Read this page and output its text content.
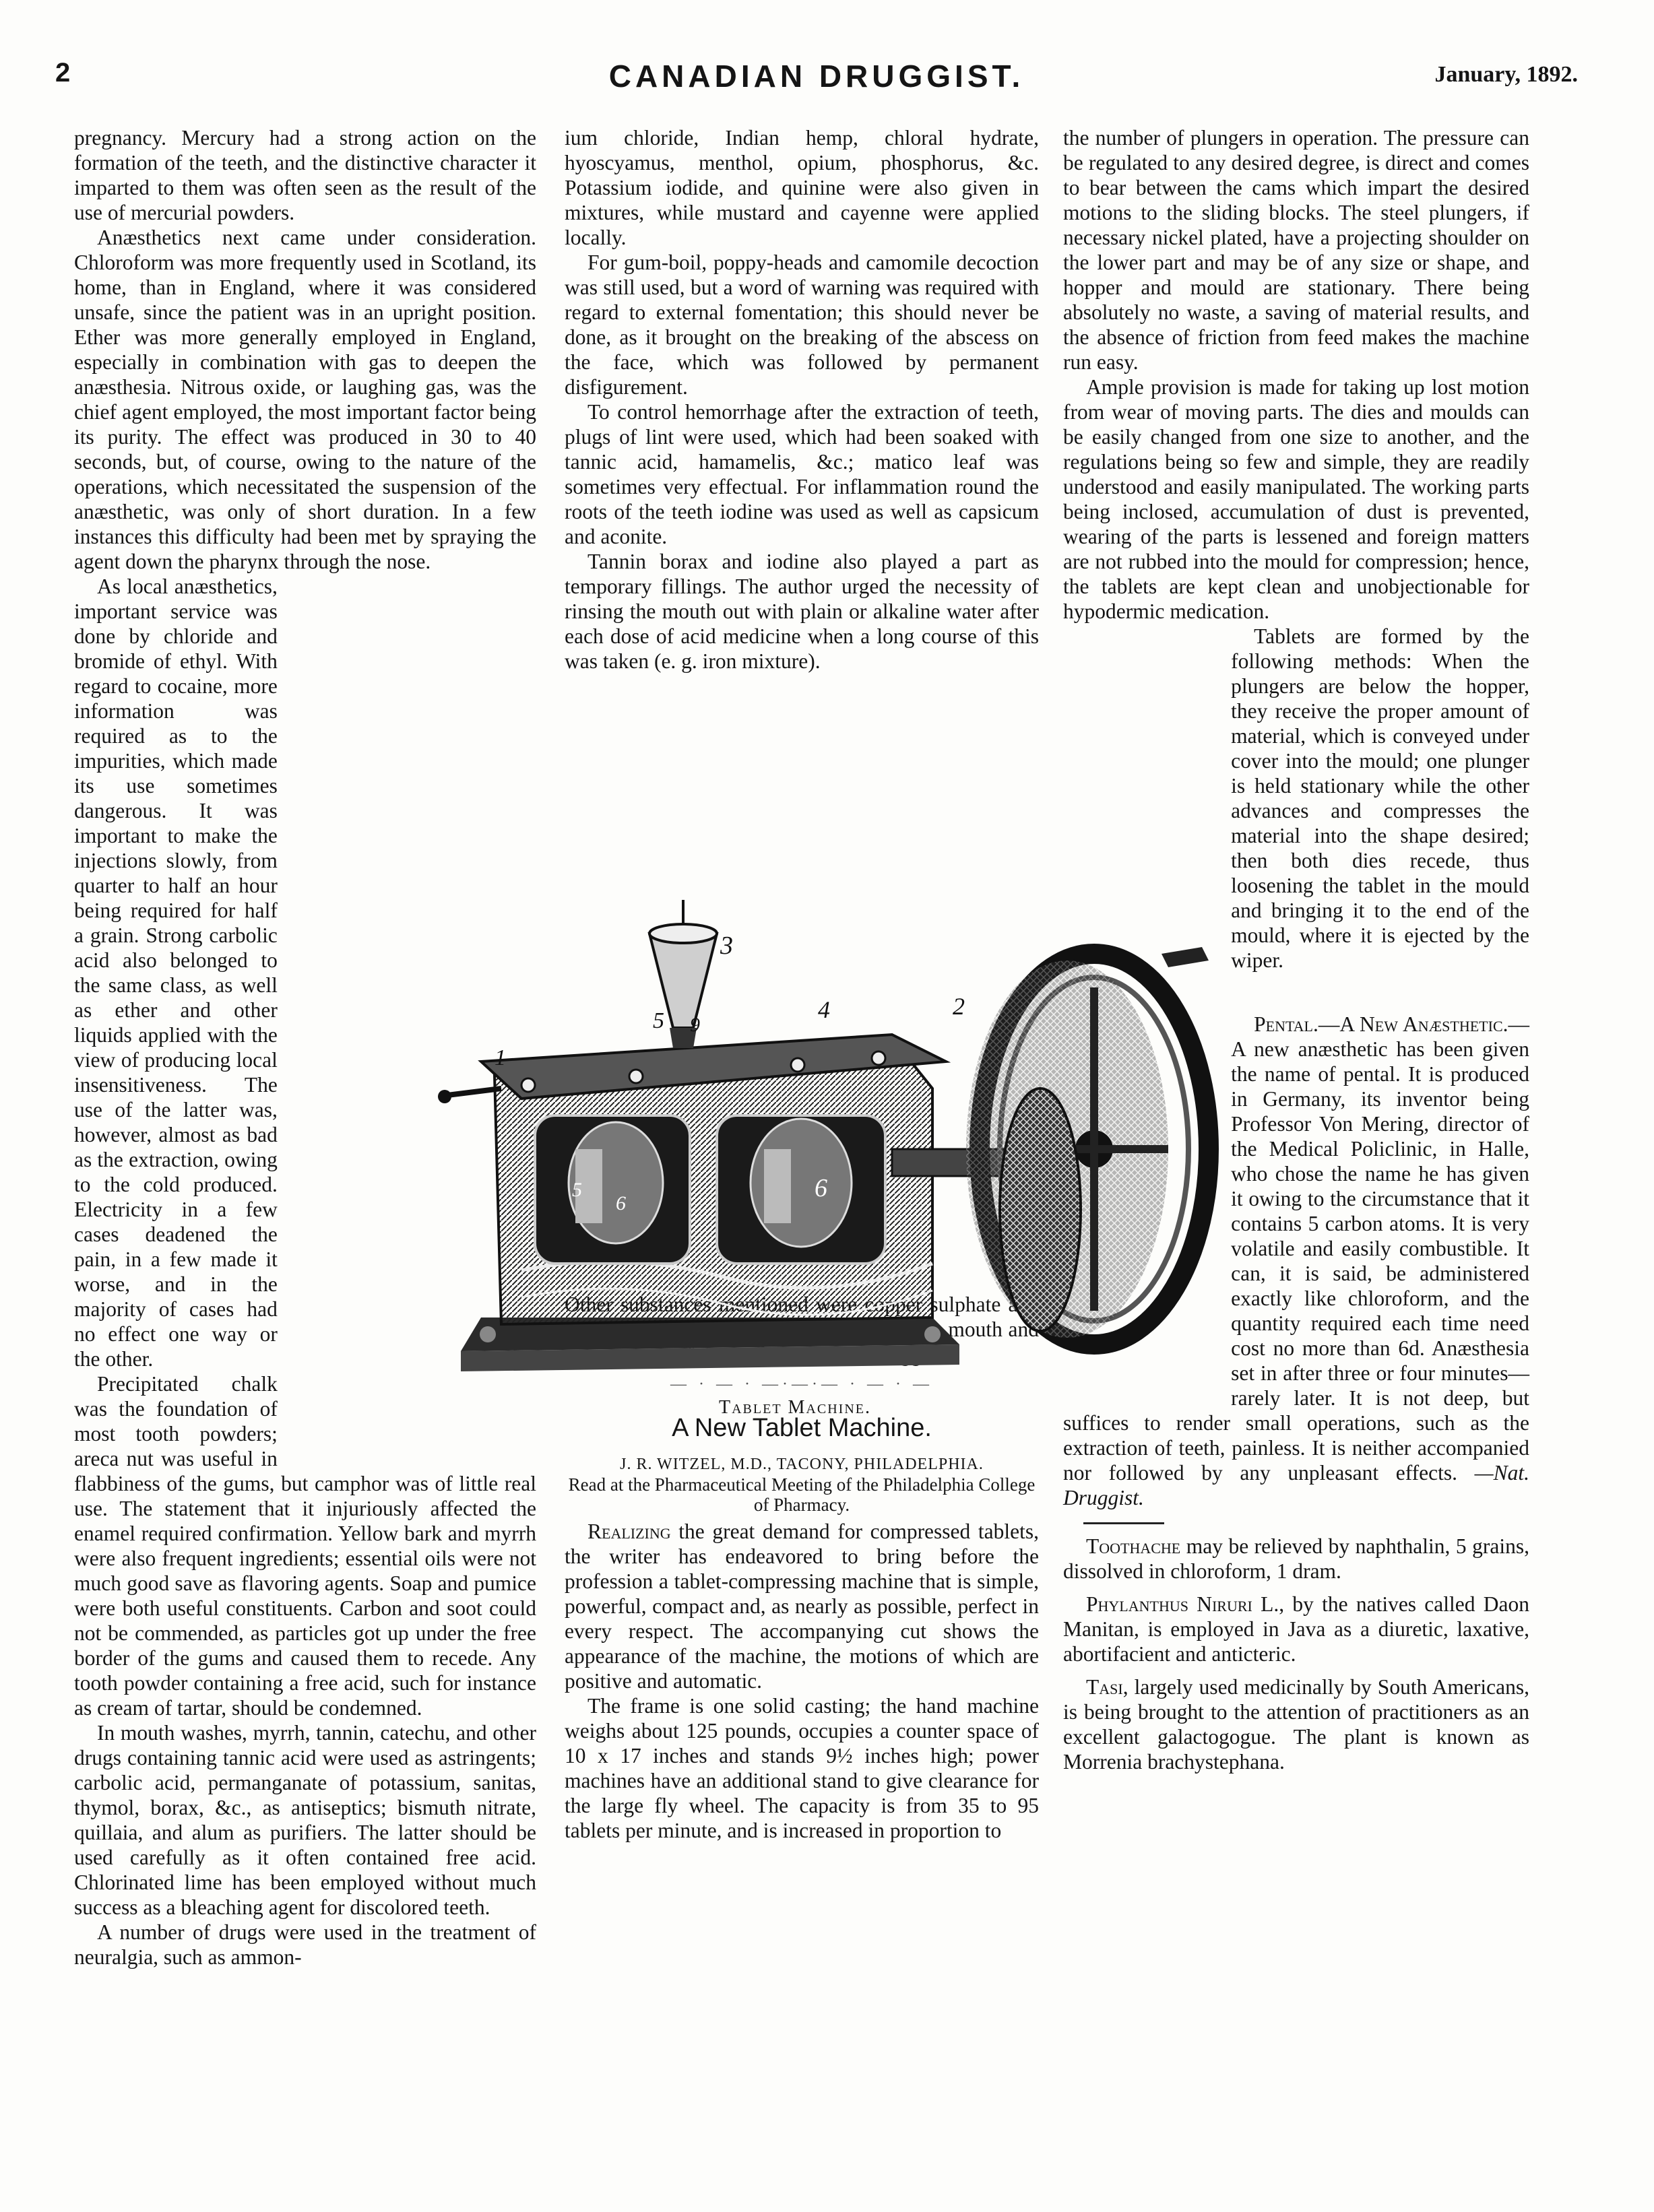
2	CANADIAN DRUGGIST.	January, 1892.

pregnancy. Mercury had a strong action on the formation of the teeth, and the distinctive character it imparted to them was often seen as the result of the use of mercurial powders.

Anæsthetics next came under consideration. Chloroform was more frequently used in Scotland, its home, than in England, where it was considered unsafe, since the patient was in an upright position. Ether was more generally employed in England, especially in combination with gas to deepen the anæsthesia. Nitrous oxide, or laughing gas, was the chief agent employed, the most important factor being its purity. The effect was produced in 30 to 40 seconds, but, of course, owing to the nature of the operations, which necessitated the suspension of the anæsthetic, was only of short duration. In a few instances this difficulty had been met by spraying the agent down the pharynx through the nose.

As local anæsthetics, important service was done by chloride and bromide of ethyl. With regard to cocaine, more information was required as to the impurities, which made its use sometimes dangerous. It was important to make the injections slowly, from quarter to half an hour being required for half a grain. Strong carbolic acid also belonged to the same class, as well as ether and other liquids applied with the view of producing local insensitiveness. The use of the latter was, however, almost as bad as the extraction, owing to the cold produced. Electricity in a few cases deadened the pain, in a few made it worse, and in the majority of cases had no effect one way or the other.

Precipitated chalk was the foundation of most tooth powders; areca nut was useful in flabbiness of the gums, but camphor was of little real use. The statement that it injuriously affected the enamel required confirmation. Yellow bark and myrrh were also frequent ingredients; essential oils were not much good save as flavoring agents. Soap and pumice were both useful constituents. Carbon and soot could not be commended, as particles got up under the free border of the gums and caused them to recede. Any tooth powder containing a free acid, such for instance as cream of tartar, should be condemned.

In mouth washes, myrrh, tannin, catechu, and other drugs containing tannic acid were used as astringents; carbolic acid, permanganate of potassium, sanitas, thymol, borax, &c., as antiseptics; bismuth nitrate, quillaia, and alum as purifiers. The latter should be used carefully as it often contained free acid. Chlorinated lime has been employed without much success as a bleaching agent for discolored teeth.

A number of drugs were used in the treatment of neuralgia, such as ammon-

ium chloride, Indian hemp, chloral hydrate, hyoscyamus, menthol, opium, phosphorus, &c. Potassium iodide, and quinine were also given in mixtures, while mustard and cayenne were applied locally.

For gum-boil, poppy-heads and camomile decoction was still used, but a word of warning was required with regard to external fomentation; this should never be done, as it brought on the breaking of the abscess on the face, which was followed by permanent disfigurement.

To control hemorrhage after the extraction of teeth, plugs of lint were used, which had been soaked with tannic acid, hamamelis, &c.; matico leaf was sometimes very effectual. For inflammation round the roots of the teeth iodine was used as well as capsicum and aconite.

Tannin borax and iodine also played a part as temporary fillings. The author urged the necessity of rinsing the mouth out with plain or alkaline water after each dose of acid medicine when a long course of this was taken (e. g. iron mixture).

sulphate mouth and

— · — · —·—·— · — · —
A New Tablet Machine.
J. R. WITZEL, M.D., TACONY, PHILADELPHIA.
Read at the Pharmaceutical Meeting of the Philadelphia College of Pharmacy.

Realizing the great demand for compressed tablets, the writer has endeavored to bring before the profession a tablet-compressing machine that is simple, powerful, compact and, as nearly as possible, perfect in every respect. The accompanying cut shows the appearance of the machine, the motions of which are positive and automatic.

The frame is one solid casting; the hand machine weighs about 125 pounds, occupies a counter space of 10 x 17 inches and stands 9½ inches high; power machines have an additional stand to give clearance for the large fly wheel. The capacity is from 35 to 95 tablets per minute, and is increased in proportion to

the number of plungers in operation. The pressure can be regulated to any desired degree, is direct and comes to bear between the cams which impart the desired motions to the sliding blocks. The steel plungers, if necessary nickel plated, have a projecting shoulder on the lower part and may be of any size or shape, and hopper and mould are stationary. There being absolutely no waste, a saving of material results, and the absence of friction from feed makes the machine run easy.

Ample provision is made for taking up lost motion from wear of moving parts. The dies and moulds can be easily changed from one size to another, and the regulations being so few and simple, they are readily understood and easily manipulated. The working parts being inclosed, accumulation of dust is prevented, wearing of the parts is lessened and foreign matters are not rubbed into the mould for compression; hence, the tablets are kept clean and unobjectionable for hypodermic medication.

Tablets are formed by the following methods: When the plungers are below the hopper, they receive the proper amount of material, which is conveyed under cover into the mould; one plunger is held stationary while the other advances and compresses the material into the shape desired; then both dies recede, thus loosening the tablet in the mould and bringing it to the end of the mould, where it is ejected by the wiper.

Pental.—A New Anæsthetic.—A new anæsthetic has been given the name of pental. It is produced in Germany, its inventor being Professor Von Mering, director of the Medical Policlinic, in Halle, who chose the name he has given it owing to the circumstance that it contains 5 carbon atoms. It is very volatile and easily combustible. It can, it is said, be administered exactly like chloroform, and the quantity required each time need cost no more than 6d. Anæsthesia set in after three or four minutes—rarely later. It is not deep, but suffices to render small operations, such as the extraction of teeth, painless. It is neither accompanied nor followed by any unpleasant effects. —Nat. Druggist.

Toothache may be relieved by naphthalin, 5 grains, dissolved in chloroform, 1 dram.

Phylanthus Niruri L., by the natives called Daon Manitan, is employed in Java as a diuretic, laxative, abortifacient and anticteric.

Tasi, largely used medicinally by South Americans, is being brought to the attention of practitioners as an excellent galactogogue. The plant is known as Morrenia brachystephana.

1
2
3
4
5
6
9
5
6
Tablet Machine.
